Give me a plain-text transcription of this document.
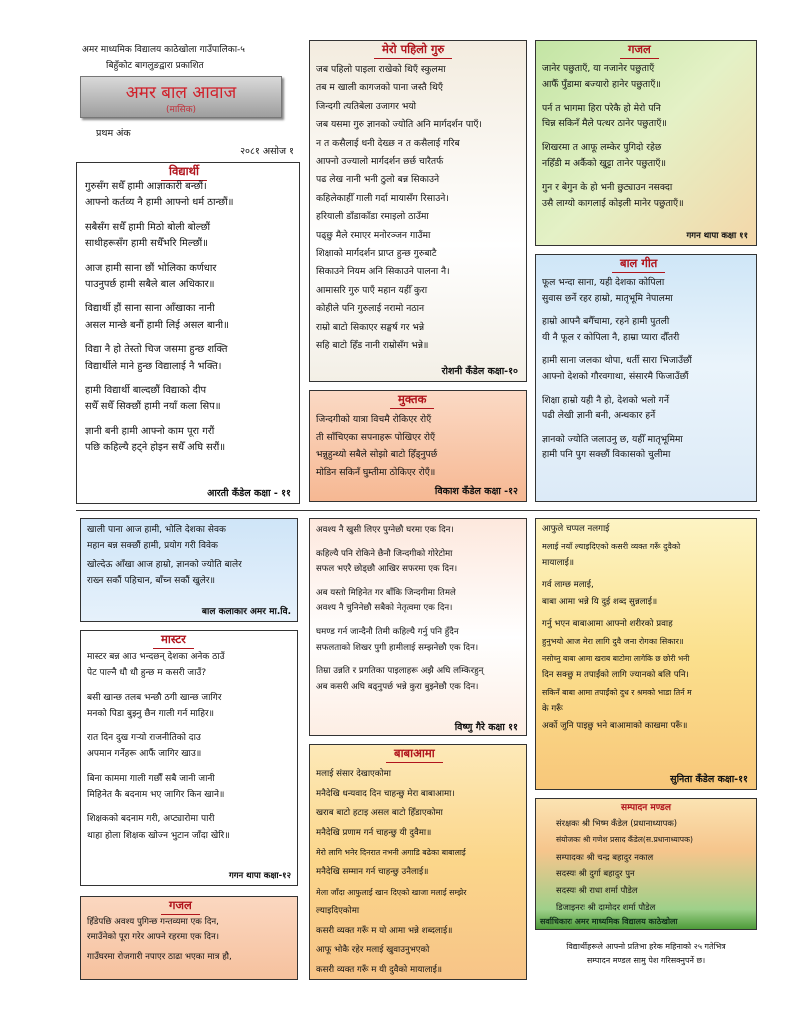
अमर माध्यमिक विद्यालय काठेखोला गाउँपालिका-५
बिहुँकोट बागलुङद्वारा प्रकाशित
अमर बाल आवाज
(मासिक)
प्रथम अंक
२०८१ असोज १
विद्यार्थी
गुरुसँग सधैँ हामी आज्ञाकारी बन्छौं।
आफ्नो कर्तव्य नै हामी आफ्नो धर्म ठान्छौं॥
सबैसँग सधैँ हामी मिठो बोली बोल्छौं
साथीहरूसँग हामी सधैँभरि मिल्छौं॥
आज हामी साना छौं भोलिका कर्णधार
पाउनुपर्छ हामी सबैले बाल अधिकार॥
विद्यार्थी हौं साना साना आँखाका नानी
असल मान्छे बनौं हामी लिई असल बानी॥
विद्या नै हो तेस्तो चिज जसमा हुन्छ शक्ति
विद्यार्थीले माने हुन्छ विद्यालाई नै भक्ति।
हामी विद्यार्थी बाल्दछौं विद्याको दीप
सधैँ सधैँ सिक्छौं हामी नयाँ कला सिप॥
ज्ञानी बनी हामी आफ्नो काम पूरा गरौं
पछि कहिल्यै हट्ने होइन सधैँ अघि सरौं॥
आरती कँडेल कक्षा - ११
मेरो पहिलो गुरु
जब पहिलो पाइला राखेको थिएँ स्कुलमा
तब म खाली कागजको पाना जस्तै थिएँ
जिन्दगी त्यतिबेला उजागर भयो
जब यसमा गुरु ज्ञानको ज्योति अनि मार्गदर्शन पाएँ।
न त कसैलाई धनी देख्छ न त कसैलाई गरिब
आफ्नो उज्यालो मार्गदर्शन छर्छ चारैतर्फ
पढ लेख नानी भनी ठुलो बन्न सिकाउने
कहिलेकाहीँ गाली गर्दा मायासँग रिसाउने।
हरियाली डाँडाकाँडा रमाइलो ठाउँमा
पढ्छु मैले रमाएर मनोरञ्जन गाउँमा
शिक्षाको मार्गदर्शन प्राप्त हुन्छ गुरुबाटै
सिकाउने नियम अनि सिकाउने पालना नै।
आमासरि गुरु पाएँ महान यहीँ कुरा
कोहीले पनि गुरुलाई नरामो नठान
राम्रो बाटो सिकाएर सङ्घर्ष गर भन्ने
सहि बाटो हिँड नानी राम्रोसँग भन्ने॥
रोशनी कँडेल कक्षा-१०
मुक्तक
जिन्दगीको यात्रा विचमै रोकिएर रोएँ
ती साँचिएका सपनाहरू पोखिएर रोएँ
भन्नुहुन्थ्यो सबैले सोझो बाटो हिँड्नुपर्छ
मोडिन सकिनँ घुम्तीमा ठोकिएर रोएँ॥
विकाश कँडेल कक्षा -१२
गजल
जानेर पछुताएँ, या नजानेर पछुताएँ
आफैँ पुँडामा बज्यारो हानेर पछुताएँ॥
पर्न त भागमा हिरा परेकै हो मेरो पनि
चिन्न सकिनँ मैले पत्थर ठानेर पछुताएँ॥
शिखरमा त आफू लम्केर पुगिदो रहेछ
नहिँडी म अर्कैको खुट्टा तानेर पछुताएँ॥
गुन र बेगुन के हो भनी छुट्याउन नसक्दा
उसै लाग्यो कागलाई कोइली मानेर पछुताएँ॥
गगन थापा कक्षा ११
बाल गीत
फूल भन्दा साना, यही देशका कोपिला
सुवास छर्ने रहर हाम्रो, मातृभूमि नेपालमा
हाम्रो आफ्नै बगैँचामा, रहने हामी पुतली
यी नै फूल र कोपिला नै, हाम्रा प्यारा दौँतरी
हामी साना जलका थोपा, धर्ती सारा भिजाउँछौं
आफ्नो देशको गौरवगाथा, संसारमै फिजाउँछौं
शिक्षा हाम्रो यही नै हो, देशको भलो गर्ने
पढी लेखी ज्ञानी बनी, अन्धकार हर्ने
ज्ञानको ज्योति जलाउनु छ, यहीँ मातृभूमिमा
हामी पनि पुग सक्छौं विकासको चुलीमा
खाली पाना आज हामी, भोलि देशका सेवक
महान बन्न सक्छौं हामी, प्रयोग गरी विवेक
खोल्देऊ आँखा आज हाम्रो, ज्ञानको ज्योति बालेर
राख्न सकौं पहिचान, बाँच्न सकौं खुलेर॥
बाल कलाकार अमर मा.वि.
मास्टर
मास्टर बन्न आउ भन्दछन् देशका अनेक ठाउँ
पेट पाल्नै धौ धौ हुन्छ म कसरी जाउँ?
बसी खान्छ तलब भन्छौ ठगी खान्छ जागिर
मनको पिडा बुझ्नु छैन गाली गर्न माहिर॥
रात दिन दुख गर्‍यो राजनीतिको दाउ
अपमान गर्नेहरू आफैं जागिर खाउ॥
बिना काममा गाली गर्छौं सबै जानी जानी
मिहिनेत कै बदनाम भए जागिर किन खाने॥
शिक्षकको बदनाम गरी, अप्ट्यारोमा पारी
थाहा होला शिक्षक खोज्न भुटान जाँदा खेरि॥
गगन थापा कक्षा-१२
गजल
हिँडेपछि अवश्य पुगिन्छ गन्तव्यमा एक दिन,
रमाउँनेको पूरा गरेर आफ्ने रहरमा एक दिन।
गाउँघरमा रोजगारी नपाएर ठाढा भएका मात्र हौ,
अवश्य नै खुसी लिएर पुग्नेछौ घरमा एक दिन।
कहिल्यै पनि रोकिने छैनौ जिन्दगीको गोरेटोमा
सफल भएरै छोड्छौ आखिर सफरमा एक दिन।
अब यस्तो मिहिनेत गर बाँकि जिन्दगीमा तिमले
अवश्य नै चुनिनेछौ सबैको नेतृत्वमा एक दिन।
घमण्ड गर्न जान्दैनौ तिमी कहिल्यै गर्नु पनि हुँदैन
सफलताको शिखर पुगी हामीलाई सम्झनेछौ एक दिन।
तिम्रा उन्नति र प्रगतिका पाइलाहरू अझै अघि लम्किरहुन्
अब कसरी अघि बढ्नुपर्छ भन्ने कुरा बुझ्नेछौ एक दिन।
विष्णु गैरे कक्षा ११
बाबाआमा
मलाई संसार देखाएकोमा
मनैदेखि धन्यवाद दिन चाहन्छु मेरा बाबाआमा।
खराब बाटो हटाइ असल बाटो हिँडाएकोमा
मनैदेखि प्रणाम गर्न चाहन्छु यी दुवैमा॥
मेरो लागि भनेर दिनरात नभनी अगाडि बढेका बाबालाई
मनैदेखि सम्मान गर्न चाहन्छु उनैलाई॥
मेला जाँदा आफुलाई खान दिएको खाजा मलाई सम्झेर
ल्याइदिएकोमा
कसरी व्यक्त गरूँ म यो आमा भन्ने शब्दलाई॥
आफू भोकै रहेर मलाई खुवाउनुभएको
कसरी व्यक्त गरूँ म यी दुवैको मायालाई॥
आफुले चप्पल नलगाई
मलाई नयाँ ल्याइदिएको कसरी व्यक्त गरूँ दुवैको
मायालाई॥
गर्व लाग्छ मलाई,
बाबा आमा भन्ने यि दुई शब्द सुन्नलाई॥
गर्नु भएन बाबाआमा आफ्नो शरीरको प्रवाह
हुनुभयो आज मेरा लागि दुवै जना रोगका सिकार॥
नसोच्नु बाबा आमा खराब बाटोमा लागेकि छ छोरी भनी
दिन सक्छु म तपाईंको लागि ज्यानको बलि पनि।
सकिनँ बाबा आमा तपाईंको दुध र श्रमको भाडा तिर्न म
के गरूँ
अर्को जुनि पाइछु भने बाआमाको काखमा परूँ॥
सुनिता कँडेल कक्षा-११
सम्पादन मण्डल
संरक्षकः श्री भिष्म कँडेल (प्रधानाध्यापक)
संयोजकः श्री गणेश प्रसाद कँडेल(स.प्रधानाध्यापक)
सम्पादकः श्री चन्द्र बहादुर नकाल
सदस्यः श्री दुर्गा बहादुर पुन
सदस्यः श्री राधा शर्मा पौडेल
डिजाइनरः श्री दामोदर शर्मा पौडेल
सर्वाधिकारः अमर माध्यमिक विद्यालय काठेखोला
विद्यार्थीहरूले आफ्नो प्रतिभा हरेक महिनाको २५ गतेभित्र
सम्पादन मण्डल सामु पेश गरिसक्नुपर्ने छ।
